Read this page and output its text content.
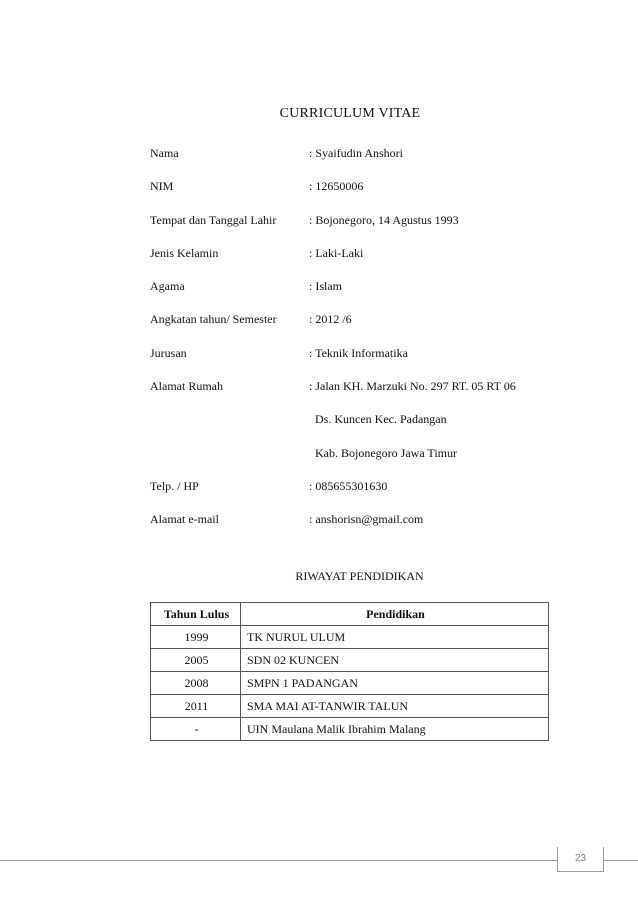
CURRICULUM VITAE
Nama	: Syaifudin Anshori
NIM	: 12650006
Tempat dan Tanggal Lahir	: Bojonegoro, 14 Agustus 1993
Jenis Kelamin	: Laki-Laki
Agama	: Islam
Angkatan tahun/ Semester	: 2012 /6
Jurusan	: Teknik Informatika
Alamat Rumah	: Jalan KH. Marzuki No. 297 RT. 05 RT 06
Ds. Kuncen Kec. Padangan
Kab. Bojonegoro Jawa Timur
Telp. / HP	: 085655301630
Alamat e-mail	: anshorisn@gmail.com
RIWAYAT PENDIDIKAN
Tahun Lulus	Pendidikan
1999	TK NURUL ULUM
2005	SDN 02 KUNCEN
2008	SMPN 1 PADANGAN
2011	SMA MAI AT-TANWIR TALUN
-	UIN Maulana Malik Ibrahim Malang
23
